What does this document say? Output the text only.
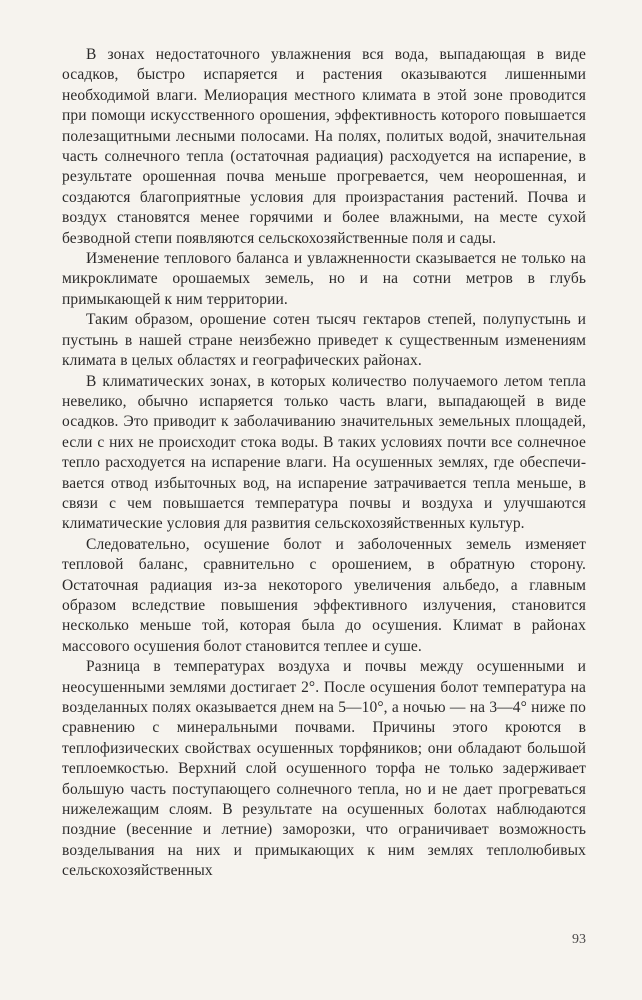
В зонах недостаточного увлажнения вся вода, выпадающая в виде осадков, быстро испаряется и растения оказываются лишенными необходимой влаги. Мелиорация местного климата в этой зоне проводится при помощи искусственного орошения, эффективность которого повышается полезащитными лесными полосами. На полях, политых водой, значительная часть солнечного тепла (остаточная радиация) расходуется на испарение, в результате орошенная почва меньше прогревается, чем неорошенная, и создаются благоприятные условия для произрастания растений. Почва и воздух становятся менее горячими и более влажными, на месте сухой безводной степи появляются сельскохозяйственные поля и сады.

Изменение теплового баланса и увлажненности сказывается не только на микроклимате орошаемых земель, но и на сотни метров в глубь примыкающей к ним территории.

Таким образом, орошение сотен тысяч гектаров степей, полупустынь и пустынь в нашей стране неизбежно приведет к существенным изменениям климата в целых областях и географических районах.

В климатических зонах, в которых количество получаемого летом тепла невелико, обычно испаряется только часть влаги, выпадающей в виде осадков. Это приводит к заболачиванию значительных земельных площадей, если с них не происходит стока воды. В таких условиях почти все солнечное тепло расходуется на испарение влаги. На осушенных землях, где обеспечивается отвод избыточных вод, на испарение затрачивается тепла меньше, в связи с чем повышается температура почвы и воздуха и улучшаются климатические условия для развития сельскохозяйственных культур.

Следовательно, осушение болот и заболоченных земель изменяет тепловой баланс, сравнительно с орошением, в обратную сторону. Остаточная радиация из-за некоторого увеличения альбедо, а главным образом вследствие повышения эффективного излучения, становится несколько меньше той, которая была до осушения. Климат в районах массового осушения болот становится теплее и суше.

Разница в температурах воздуха и почвы между осушенными и неосушенными землями достигает 2°. После осушения болот температура на возделанных полях оказывается днем на 5—10°, а ночью — на 3—4° ниже по сравнению с минеральными почвами. Причины этого кроются в теплофизических свойствах осушенных торфяников; они обладают большой теплоемкостью. Верхний слой осушенного торфа не только задерживает большую часть поступающего солнечного тепла, но и не дает прогреваться нижележащим слоям. В результате на осушенных болотах наблюдаются поздние (весенние и летние) заморозки, что ограничивает возможность возделывания на них и примыкающих к ним землях теплолюбивых сельскохозяйственных

93
